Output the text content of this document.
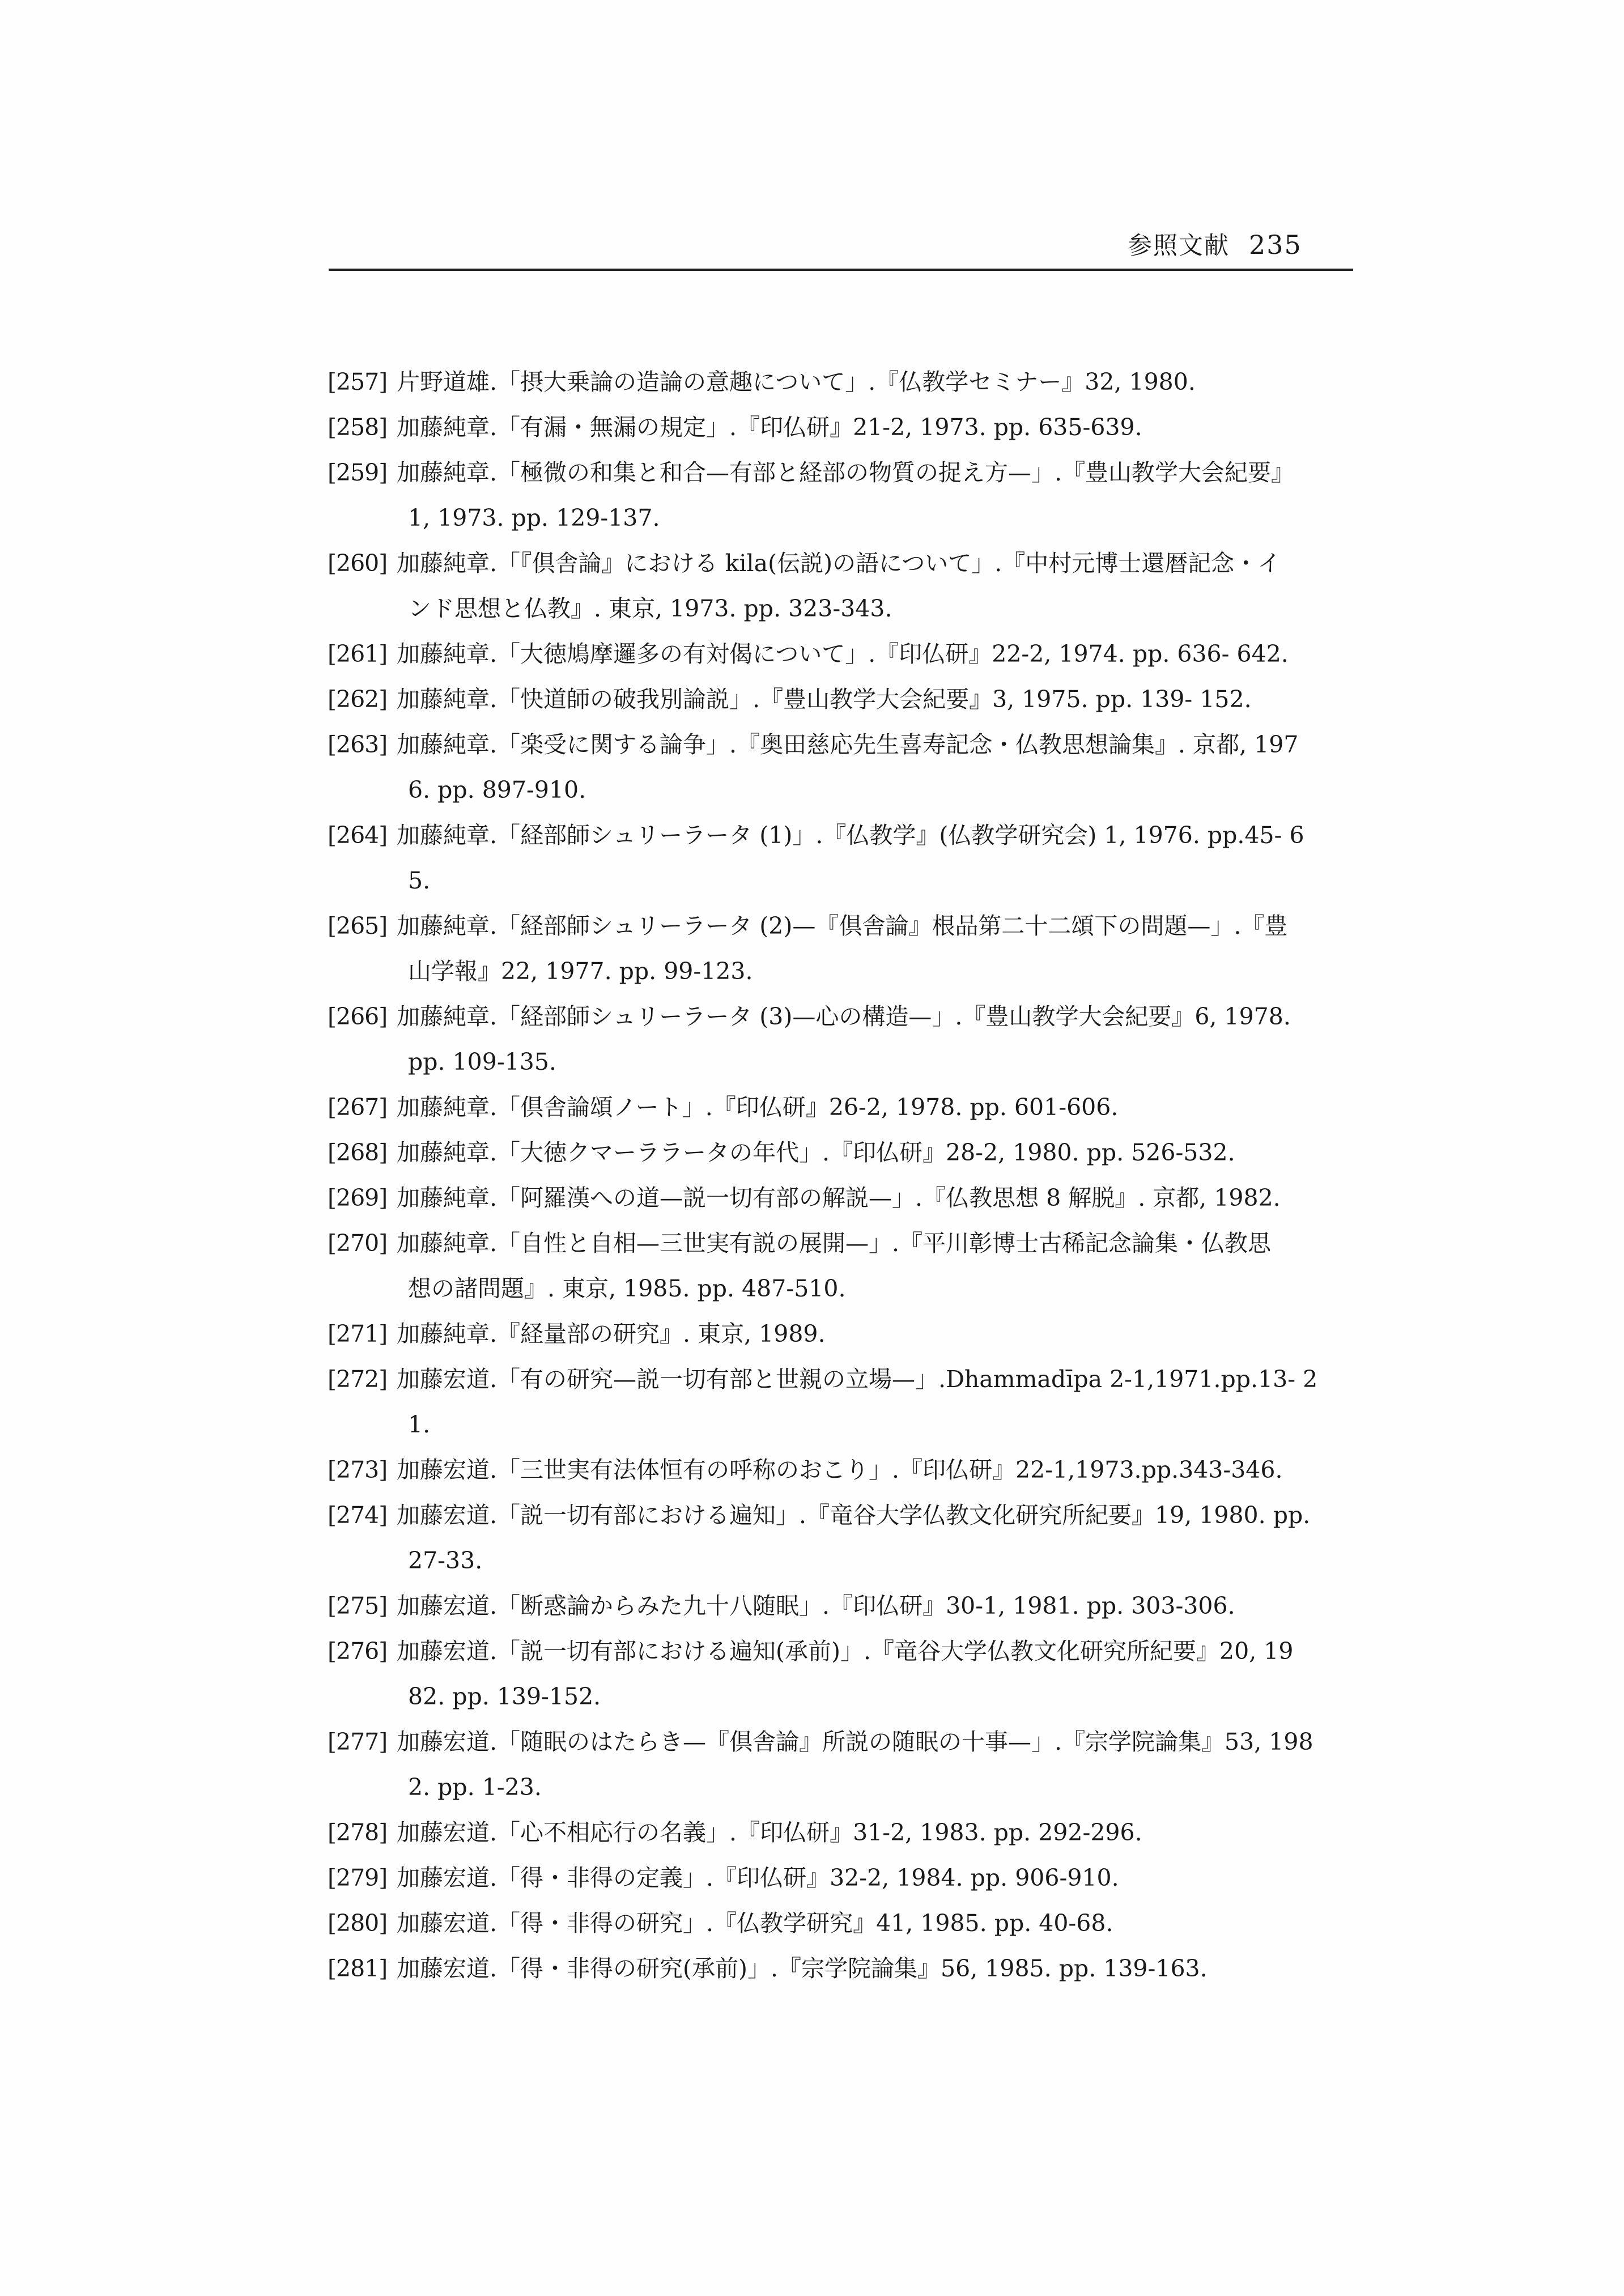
参照文献 235
[257] 片野道雄.「摂大乗論の造論の意趣について」.『仏教学セミナー』32, 1980.
[258] 加藤純章.「有漏・無漏の規定」.『印仏研』21-2, 1973. pp. 635-639.
[259] 加藤純章.「極微の和集と和合—有部と経部の物質の捉え方—」.『豊山教学大会紀要』
1, 1973. pp. 129-137.
[260] 加藤純章.「『倶舎論』における kila(伝説)の語について」.『中村元博士還暦記念・イ
ンド思想と仏教』. 東京, 1973. pp. 323-343.
[261] 加藤純章.「大徳鳩摩邏多の有対偈について」.『印仏研』22-2, 1974. pp. 636- 642.
[262] 加藤純章.「快道師の破我別論説」.『豊山教学大会紀要』3, 1975. pp. 139- 152.
[263] 加藤純章.「楽受に関する論争」.『奥田慈応先生喜寿記念・仏教思想論集』. 京都, 197
6. pp. 897-910.
[264] 加藤純章.「経部師シュリーラータ (1)」.『仏教学』(仏教学研究会) 1, 1976. pp.45- 6
5.
[265] 加藤純章.「経部師シュリーラータ (2)—『倶舎論』根品第二十二頌下の問題—」.『豊
山学報』22, 1977. pp. 99-123.
[266] 加藤純章.「経部師シュリーラータ (3)—心の構造—」.『豊山教学大会紀要』6, 1978.
pp. 109-135.
[267] 加藤純章.「倶舎論頌ノート」.『印仏研』26-2, 1978. pp. 601-606.
[268] 加藤純章.「大徳クマーララータの年代」.『印仏研』28-2, 1980. pp. 526-532.
[269] 加藤純章.「阿羅漢への道—説一切有部の解説—」.『仏教思想 8 解脱』. 京都, 1982.
[270] 加藤純章.「自性と自相—三世実有説の展開—」.『平川彰博士古稀記念論集・仏教思
想の諸問題』. 東京, 1985. pp. 487-510.
[271] 加藤純章.『経量部の研究』. 東京, 1989.
[272] 加藤宏道.「有の研究—説一切有部と世親の立場—」.Dhammadīpa 2-1,1971.pp.13- 2
1.
[273] 加藤宏道.「三世実有法体恒有の呼称のおこり」.『印仏研』22-1,1973.pp.343-346.
[274] 加藤宏道.「説一切有部における遍知」.『竜谷大学仏教文化研究所紀要』19, 1980. pp.
27-33.
[275] 加藤宏道.「断惑論からみた九十八随眠」.『印仏研』30-1, 1981. pp. 303-306.
[276] 加藤宏道.「説一切有部における遍知(承前)」.『竜谷大学仏教文化研究所紀要』20, 19
82. pp. 139-152.
[277] 加藤宏道.「随眠のはたらき—『倶舎論』所説の随眠の十事—」.『宗学院論集』53, 198
2. pp. 1-23.
[278] 加藤宏道.「心不相応行の名義」.『印仏研』31-2, 1983. pp. 292-296.
[279] 加藤宏道.「得・非得の定義」.『印仏研』32-2, 1984. pp. 906-910.
[280] 加藤宏道.「得・非得の研究」.『仏教学研究』41, 1985. pp. 40-68.
[281] 加藤宏道.「得・非得の研究(承前)」.『宗学院論集』56, 1985. pp. 139-163.
